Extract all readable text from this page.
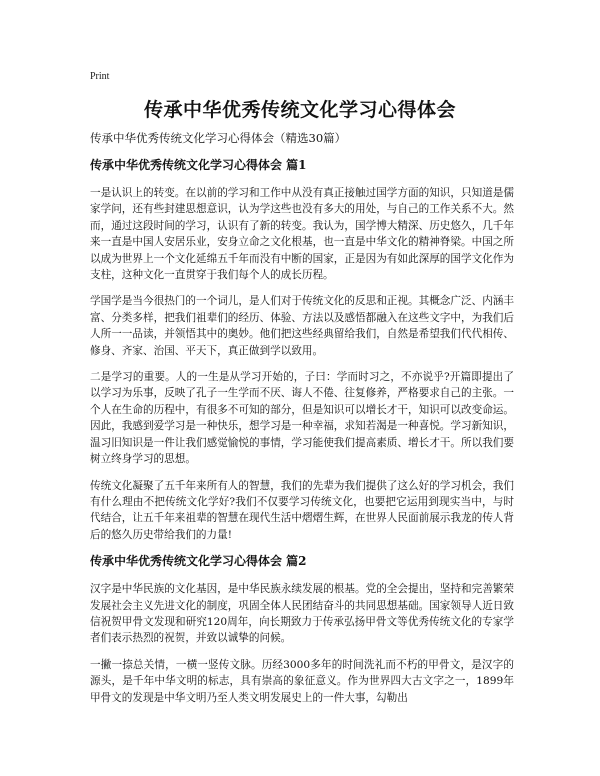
Print
传承中华优秀传统文化学习心得体会
传承中华优秀传统文化学习心得体会（精选30篇）
传承中华优秀传统文化学习心得体会 篇1

一是认识上的转变。在以前的学习和工作中从没有真正接触过国学方面的知识，只知道是儒家学问，还有些封建思想意识，认为学这些也没有多大的用处，与自己的工作关系不大。然而，通过这段时间的学习，认识有了新的转变。我认为，国学博大精深、历史悠久，几千年来一直是中国人安居乐业，安身立命之文化根基，也一直是中华文化的精神脊梁。中国之所以成为世界上一个文化延绵五千年而没有中断的国家，正是因为有如此深厚的国学文化作为支柱，这种文化一直贯穿于我们每个人的成长历程。

学国学是当今很热门的一个词儿，是人们对于传统文化的反思和正视。其概念广泛、内涵丰富、分类多样，把我们祖辈们的经历、体验、方法以及感悟都融入在这些文字中，为我们后人所一一品读，并领悟其中的奥妙。他们把这些经典留给我们，自然是希望我们代代相传、修身、齐家、治国、平天下，真正做到学以致用。

二是学习的重要。人的一生是从学习开始的，子曰：学而时习之，不亦说乎?开篇即提出了以学习为乐事，反映了孔子一生学而不厌、诲人不倦、往复修养，严格要求自己的主张。一个人在生命的历程中，有很多不可知的部分，但是知识可以增长才干，知识可以改变命运。因此，我感到爱学习是一种快乐，想学习是一种幸福，求知若渴是一种喜悦。学习新知识，温习旧知识是一件让我们感觉愉悦的事情，学习能使我们提高素质、增长才干。所以我们要树立终身学习的思想。

传统文化凝聚了五千年来所有人的智慧，我们的先辈为我们提供了这么好的学习机会，我们有什么理由不把传统文化学好?我们不仅要学习传统文化，也要把它运用到现实当中，与时代结合，让五千年来祖辈的智慧在现代生活中熠熠生辉，在世界人民面前展示我龙的传人背后的悠久历史带给我们的力量!

传承中华优秀传统文化学习心得体会 篇2

汉字是中华民族的文化基因，是中华民族永续发展的根基。党的全会提出，坚持和完善繁荣发展社会主义先进文化的制度，巩固全体人民团结奋斗的共同思想基础。国家领导人近日致信祝贺甲骨文发现和研究120周年，向长期致力于传承弘扬甲骨文等优秀传统文化的专家学者们表示热烈的祝贺，并致以诚挚的问候。

一撇一捺总关情，一横一竖传文脉。历经3000多年的时间洗礼而不朽的甲骨文，是汉字的源头，是千年中华文明的标志，具有崇高的象征意义。作为世界四大古文字之一，1899年甲骨文的发现是中华文明乃至人类文明发展史上的一件大事，勾勒出
